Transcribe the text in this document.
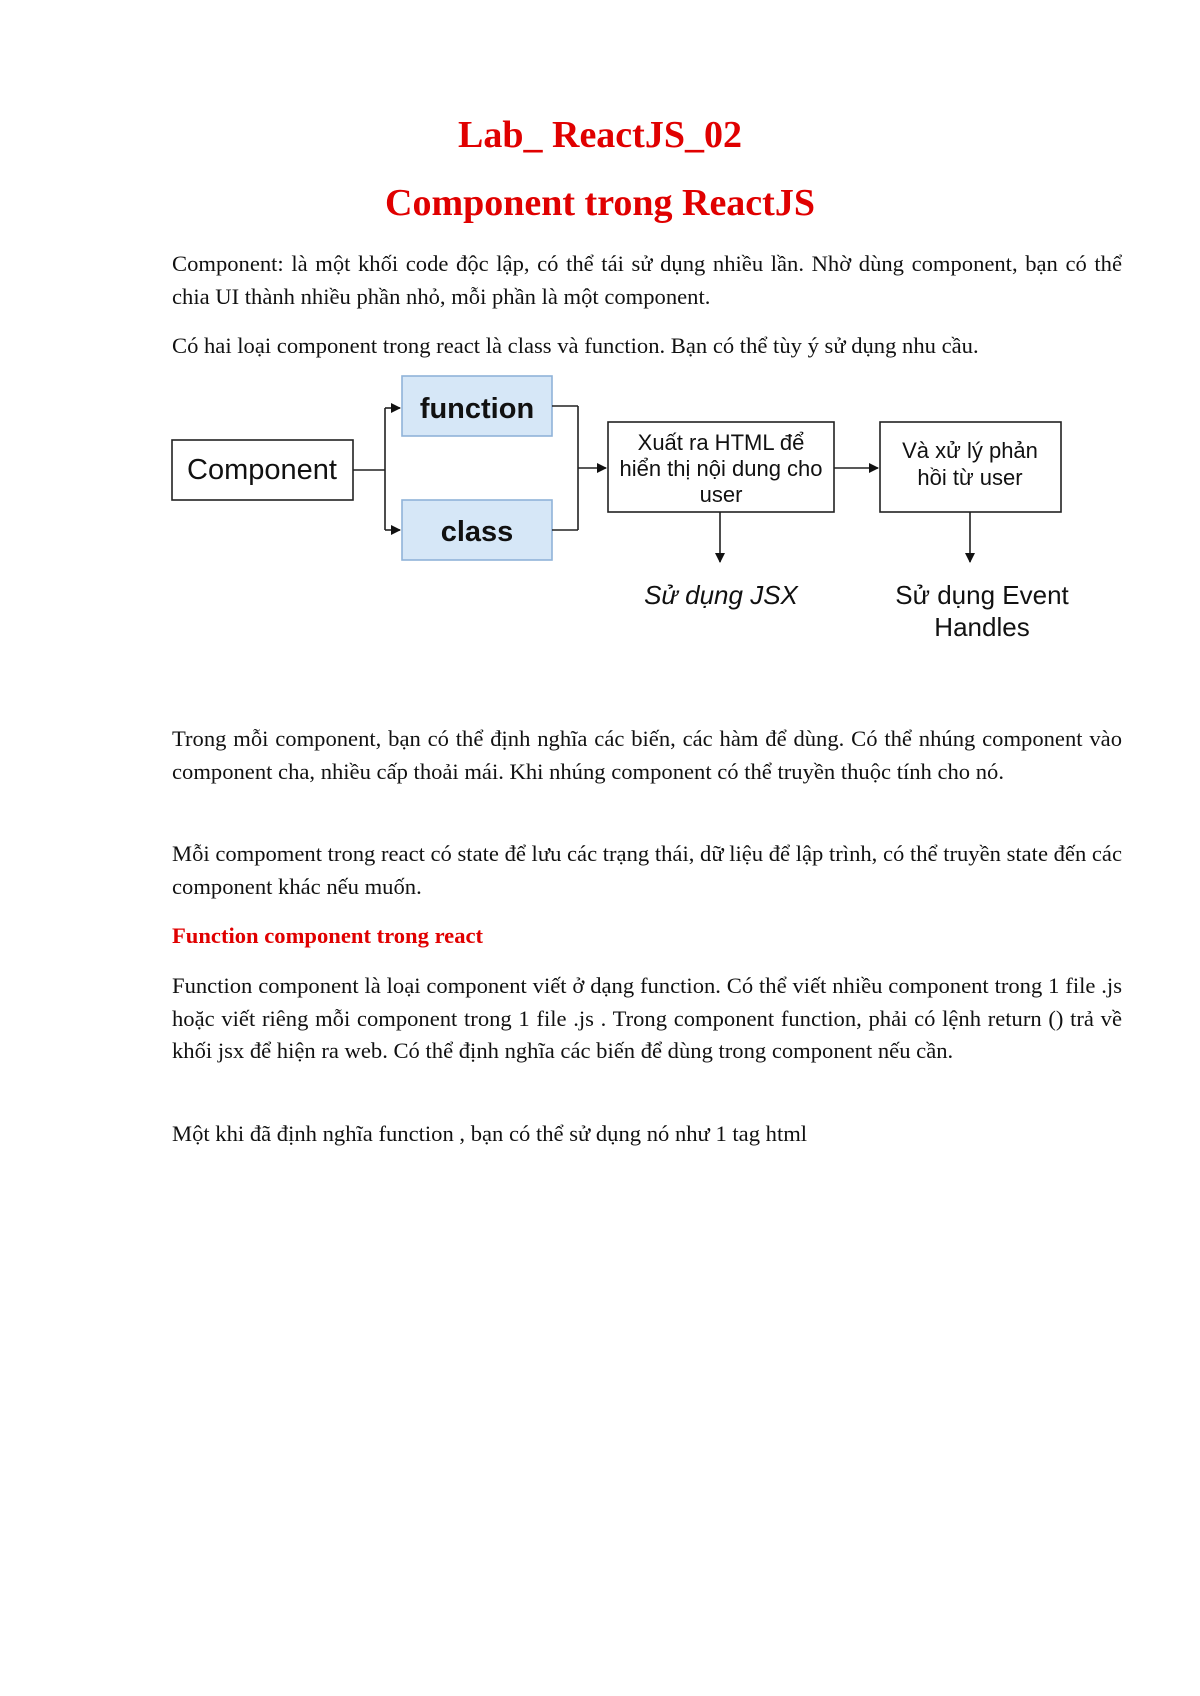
Lab_ ReactJS_02
Component trong ReactJS

Component: là một khối code độc lập, có thể tái sử dụng nhiều lần. Nhờ dùng component, bạn có thể chia UI thành nhiều phần nhỏ, mỗi phần là một component.

Có hai loại component trong react là class và function. Bạn có thể tùy ý sử dụng nhu cầu.

Component
function
class
Xuất ra HTML để
hiển thị nội dung cho
user
Và xử lý phản
hồi từ user
Sử dụng JSX	Sử dụng Event
Handles

Trong mỗi component, bạn có thể định nghĩa các biến, các hàm để dùng. Có thể nhúng component vào component cha, nhiều cấp thoải mái. Khi nhúng component có thể truyền thuộc tính cho nó.

Mỗi compoment trong react có state để lưu các trạng thái, dữ liệu để lập trình, có thể truyền state đến các component khác nếu muốn.

Function component trong react

Function component là loại component viết ở dạng function. Có thể viết nhiều component trong 1 file .js hoặc viết riêng mỗi component trong 1 file .js . Trong component function, phải có lệnh return () trả về khối jsx để hiện ra web. Có thể định nghĩa các biến để dùng trong component nếu cần.

Một khi đã định nghĩa function , bạn có thể sử dụng nó như 1 tag html
